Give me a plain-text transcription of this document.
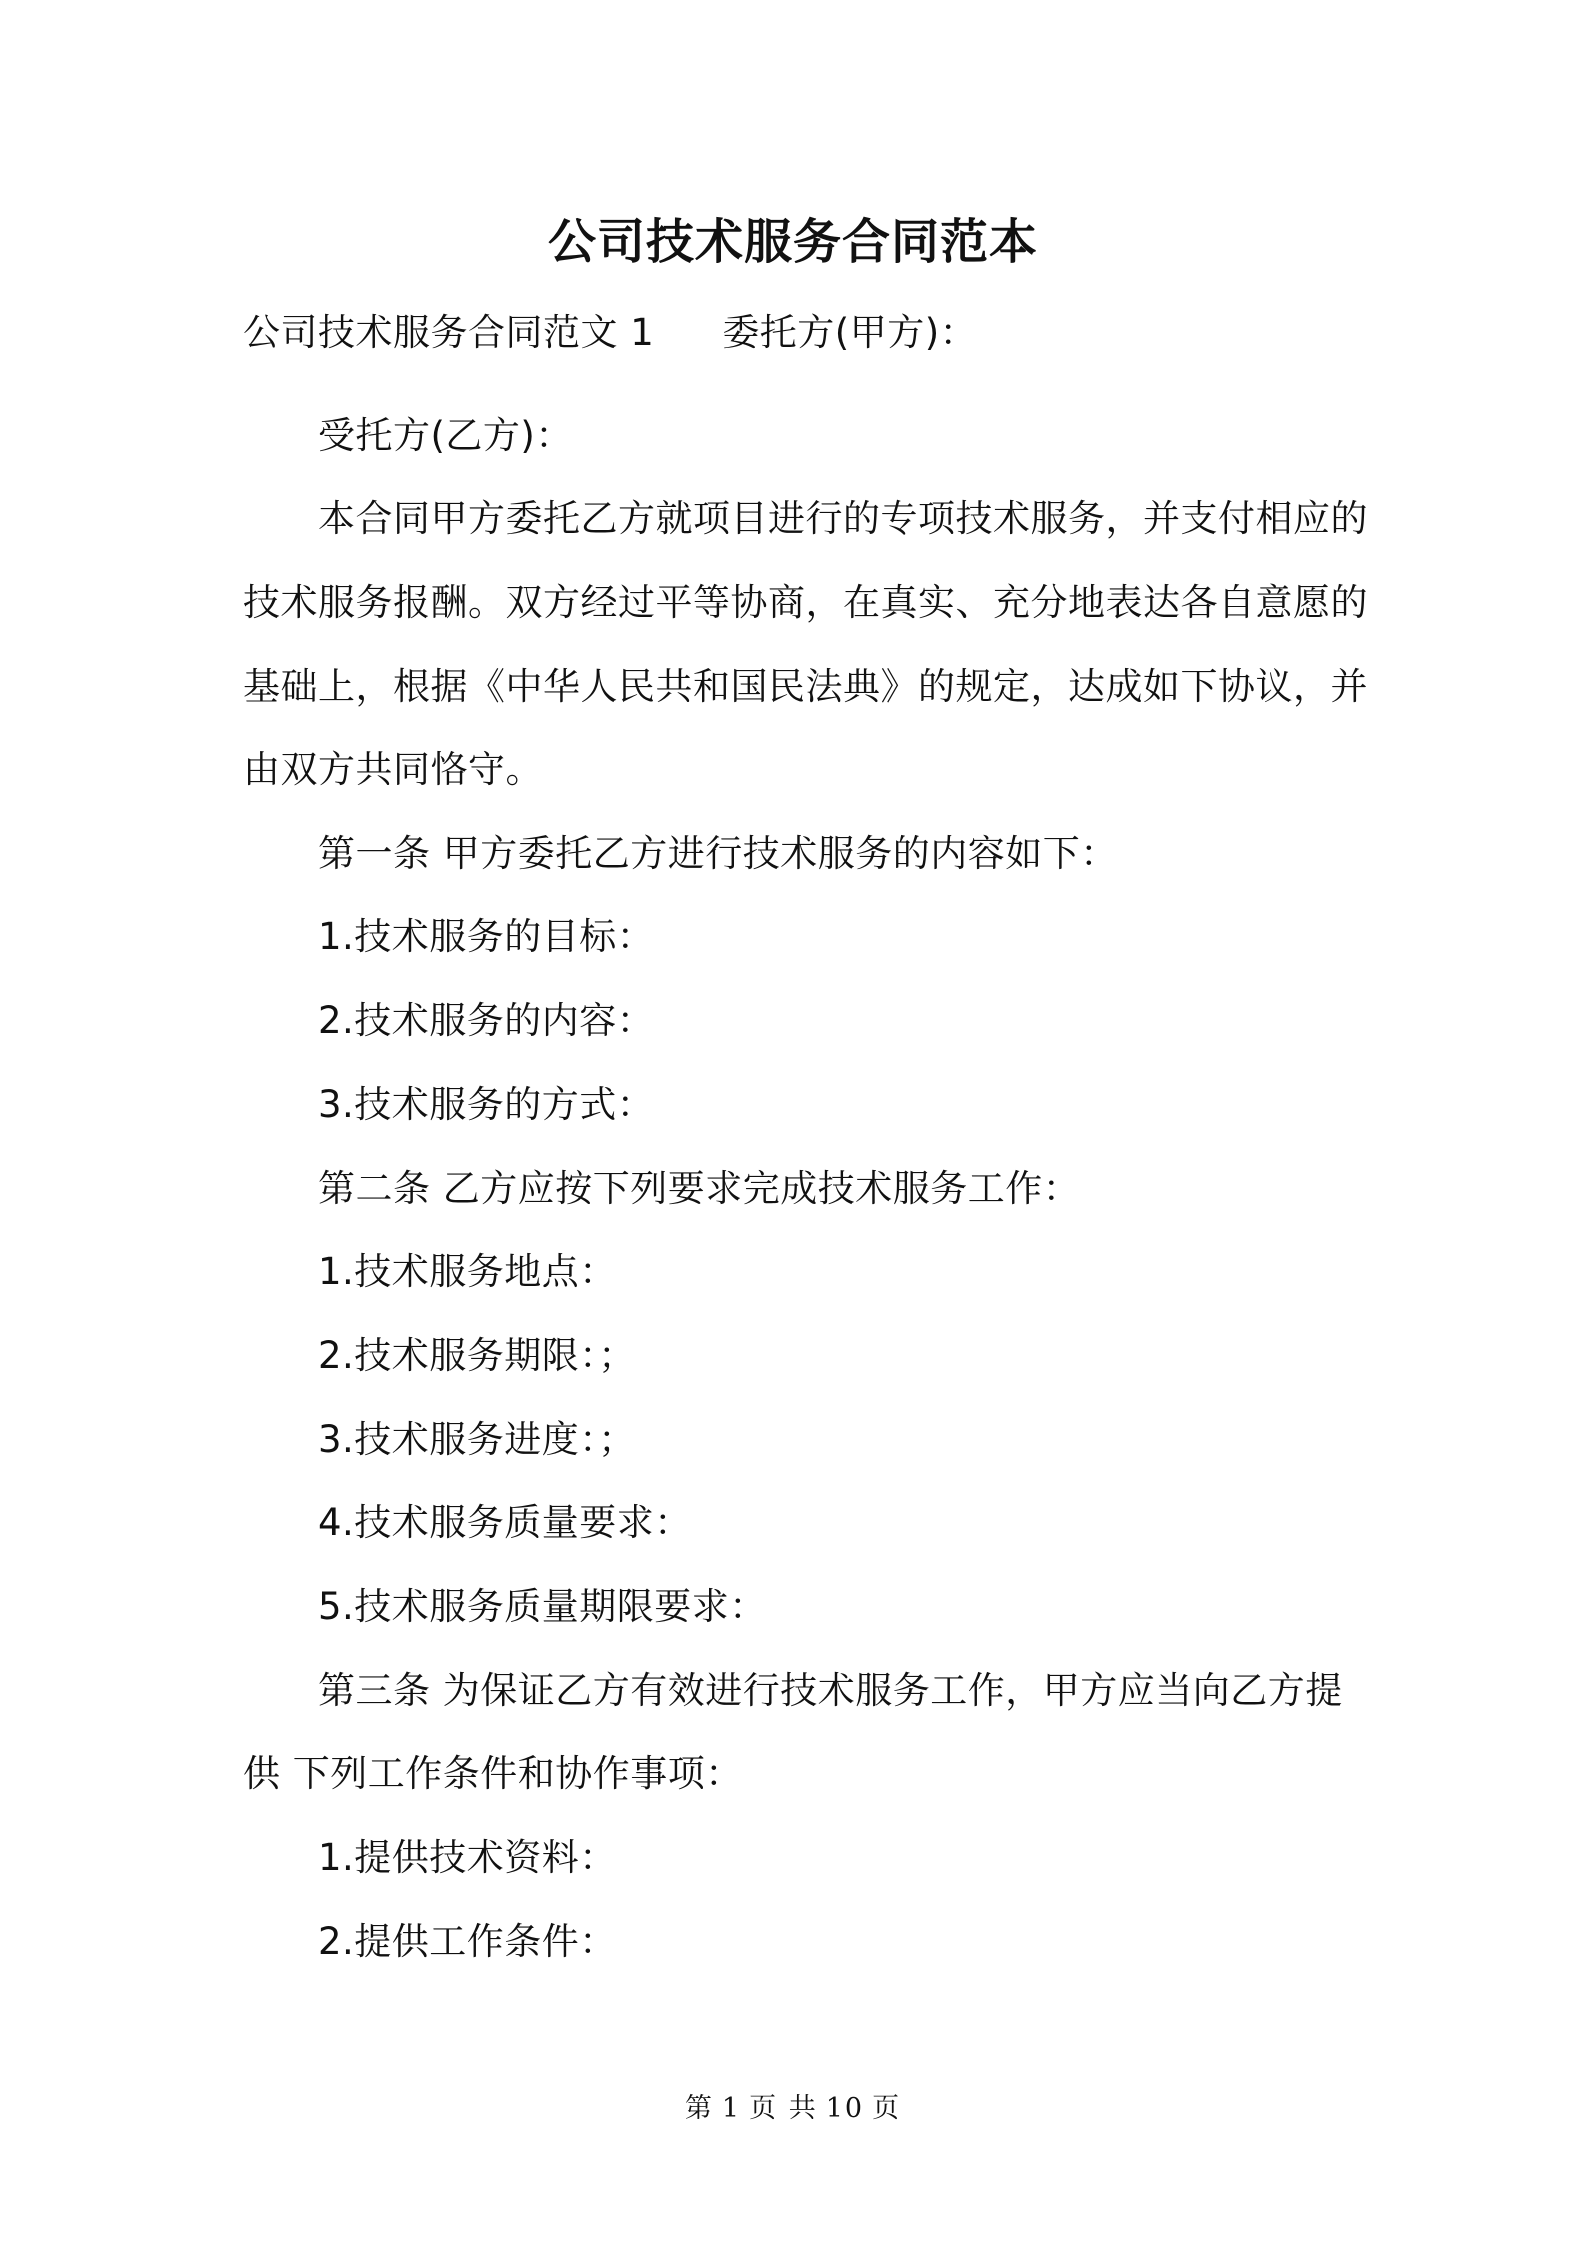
公司技术服务合同范本
公司技术服务合同范文 1 委托方(甲方)：
受托方(乙方)：
本合同甲方委托乙方就项目进行的专项技术服务，并支付相应的
技术服务报酬。双方经过平等协商，在真实、充分地表达各自意愿的
基础上，根据《中华人民共和国民法典》的规定，达成如下协议，并
由双方共同恪守。
第一条 甲方委托乙方进行技术服务的内容如下：
1.技术服务的目标：
2.技术服务的内容：
3.技术服务的方式：
第二条 乙方应按下列要求完成技术服务工作：
1.技术服务地点：
2.技术服务期限：；
3.技术服务进度：；
4.技术服务质量要求：
5.技术服务质量期限要求：
第三条 为保证乙方有效进行技术服务工作，甲方应当向乙方提
供 下列工作条件和协作事项：
1.提供技术资料：
2.提供工作条件：
第 1 页 共 10 页
